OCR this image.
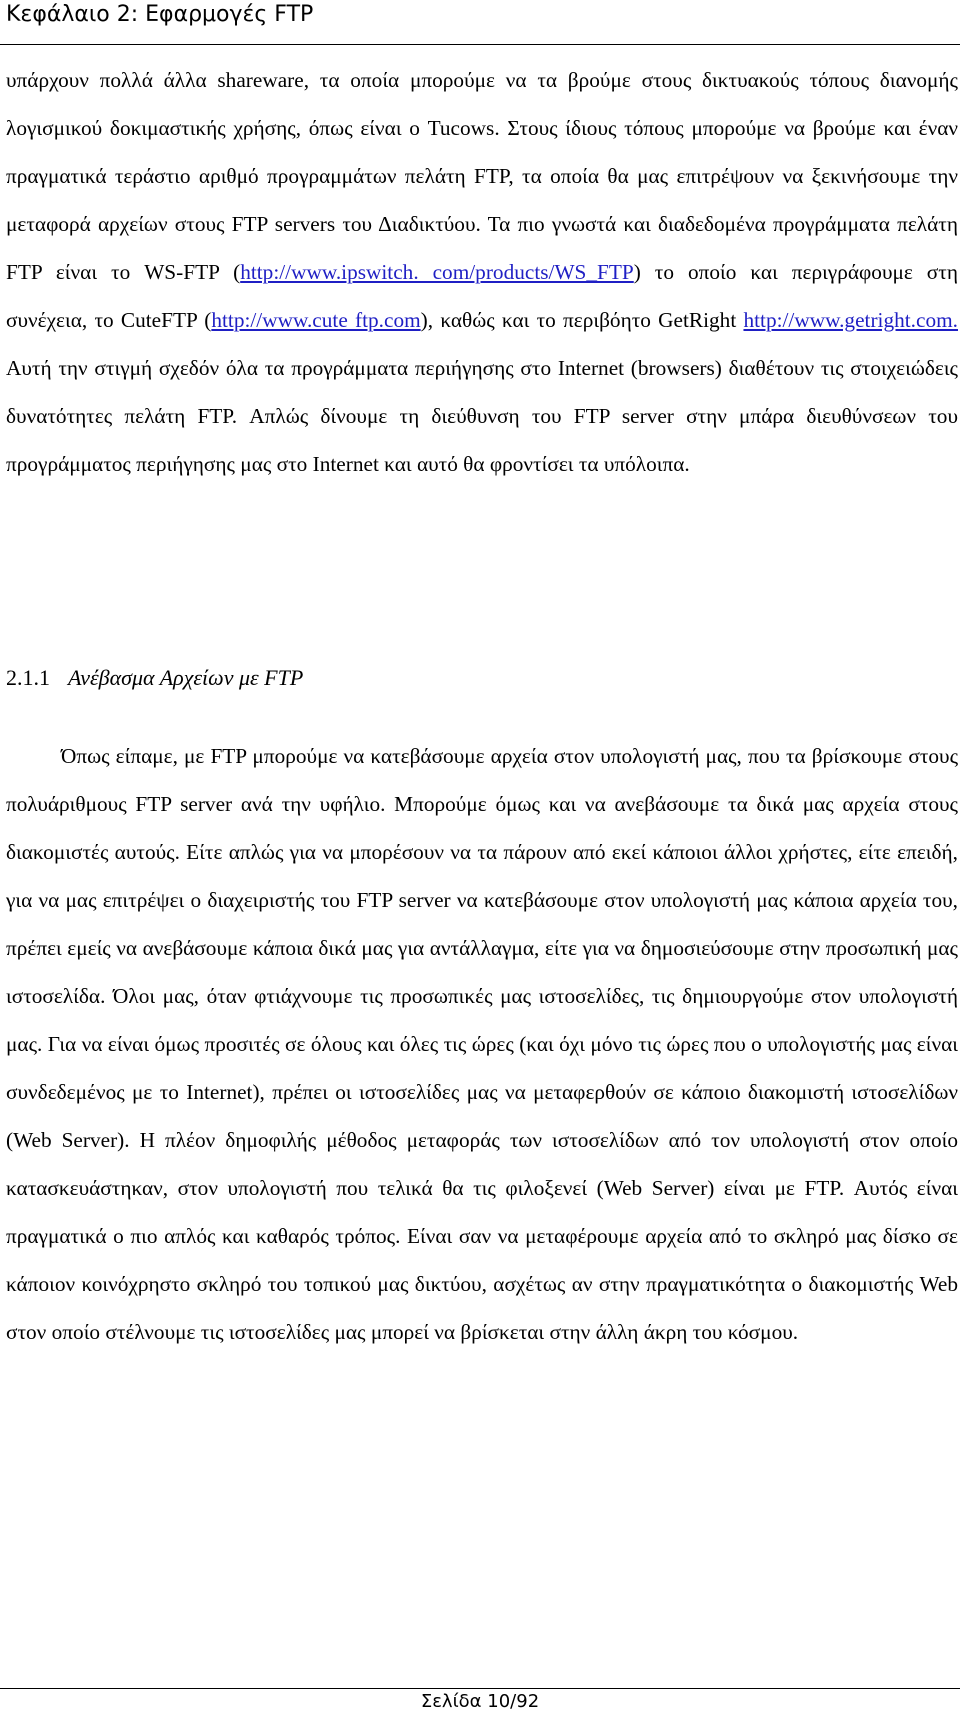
Κεφάλαιο 2: Εφαρμογές FTP

υπάρχουν πολλά άλλα shareware, τα οποία μπορούμε να τα βρούμε στους δικτυακούς τόπους διανομής λογισμικού δοκιμαστικής χρήσης, όπως είναι ο Tucows. Στους ίδιους τόπους μπορούμε να βρούμε και έναν πραγματικά τεράστιο αριθμό προγραμμάτων πελάτη FTP, τα οποία θα μας επιτρέψουν να ξεκινήσουμε την μεταφορά αρχείων στους FTP servers του Διαδικτύου. Τα πιο γνωστά και διαδεδομένα προγράμματα πελάτη FTP είναι το WS-FTP (http://www.ipswitch. com/products/WS_FTP) το οποίο και περιγράφουμε στη συνέχεια, το CuteFTP (http://www.cute ftp.com), καθώς και το περιβόητο GetRight http://www.getright.com. Αυτή την στιγμή σχεδόν όλα τα προγράμματα περιήγησης στο Internet (browsers) διαθέτουν τις στοιχειώδεις δυνατότητες πελάτη FTP. Απλώς δίνουμε τη διεύθυνση του FTP server στην μπάρα διευθύνσεων του προγράμματος περιήγησης μας στο Internet και αυτό θα φροντίσει τα υπόλοιπα.

2.1.1 Ανέβασμα Αρχείων με FTP

Όπως είπαμε, με FTP μπορούμε να κατεβάσουμε αρχεία στον υπολογιστή μας, που τα βρίσκουμε στους πολυάριθμους FTP server ανά την υφήλιο. Μπορούμε όμως και να ανεβάσουμε τα δικά μας αρχεία στους διακομιστές αυτούς. Είτε απλώς για να μπορέσουν να τα πάρουν από εκεί κάποιοι άλλοι χρήστες, είτε επειδή, για να μας επιτρέψει ο διαχειριστής του FTP server να κατεβάσουμε στον υπολογιστή μας κάποια αρχεία του, πρέπει εμείς να ανεβάσουμε κάποια δικά μας για αντάλλαγμα, είτε για να δημοσιεύσουμε στην προσωπική μας ιστοσελίδα. Όλοι μας, όταν φτιάχνουμε τις προσωπικές μας ιστοσελίδες, τις δημιουργούμε στον υπολογιστή μας. Για να είναι όμως προσιτές σε όλους και όλες τις ώρες (και όχι μόνο τις ώρες που ο υπολογιστής μας είναι συνδεδεμένος με το Internet), πρέπει οι ιστοσελίδες μας να μεταφερθούν σε κάποιο διακομιστή ιστοσελίδων (Web Server). Η πλέον δημοφιλής μέθοδος μεταφοράς των ιστοσελίδων από τον υπολογιστή στον οποίο κατασκευάστηκαν, στον υπολογιστή που τελικά θα τις φιλοξενεί (Web Server) είναι με FTP. Αυτός είναι πραγματικά ο πιο απλός και καθαρός τρόπος. Είναι σαν να μεταφέρουμε αρχεία από το σκληρό μας δίσκο σε κάποιον κοινόχρηστο σκληρό του τοπικού μας δικτύου, ασχέτως αν στην πραγματικότητα ο διακομιστής Web στον οποίο στέλνουμε τις ιστοσελίδες μας μπορεί να βρίσκεται στην άλλη άκρη του κόσμου.

Σελίδα 10/92
